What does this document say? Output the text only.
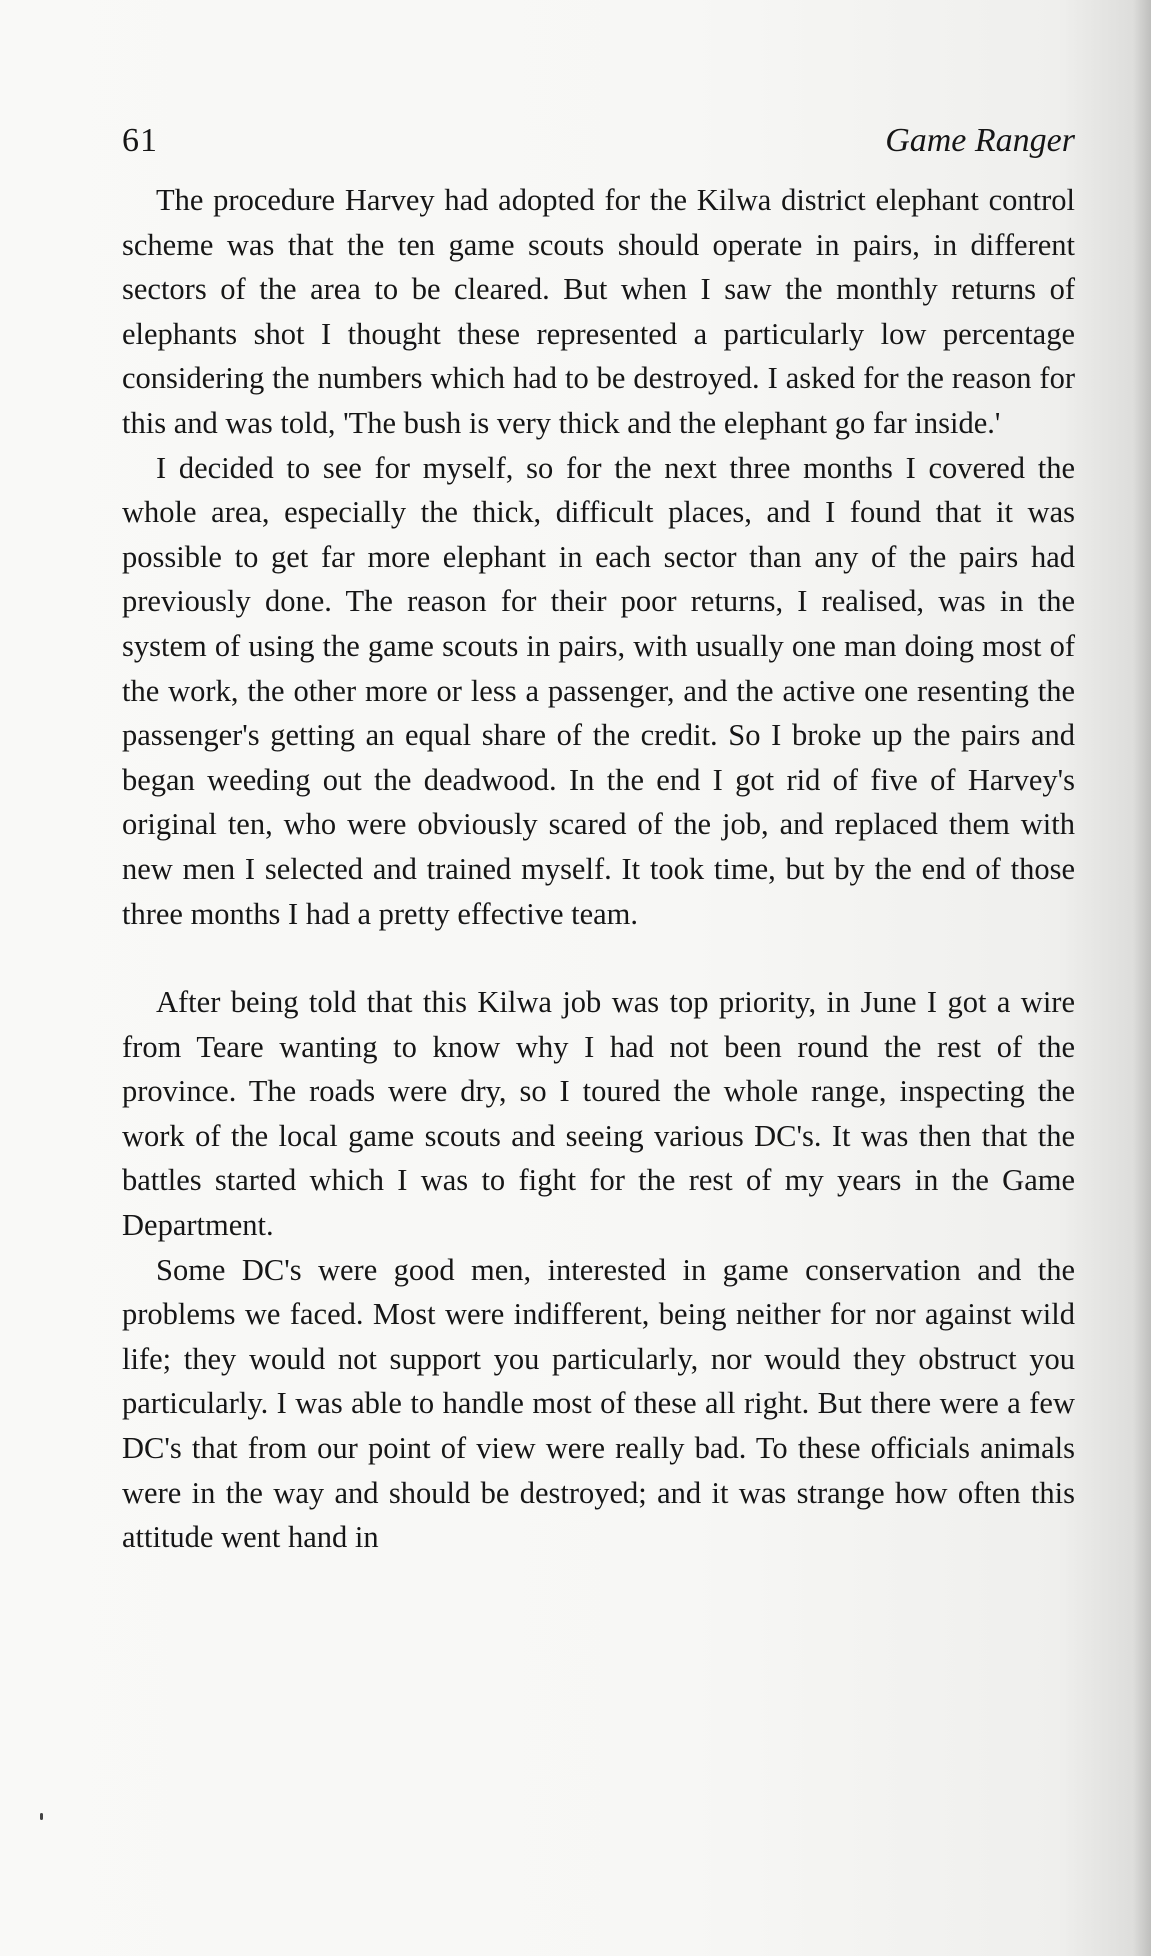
61	Game Ranger

The procedure Harvey had adopted for the Kilwa district elephant control scheme was that the ten game scouts should operate in pairs, in different sectors of the area to be cleared. But when I saw the monthly returns of elephants shot I thought these represented a particularly low percentage considering the numbers which had to be destroyed. I asked for the reason for this and was told, 'The bush is very thick and the elephant go far inside.'

I decided to see for myself, so for the next three months I covered the whole area, especially the thick, difficult places, and I found that it was possible to get far more elephant in each sector than any of the pairs had previously done. The reason for their poor returns, I realised, was in the system of using the game scouts in pairs, with usually one man doing most of the work, the other more or less a passenger, and the active one resenting the passenger's getting an equal share of the credit. So I broke up the pairs and began weeding out the deadwood. In the end I got rid of five of Harvey's original ten, who were obviously scared of the job, and replaced them with new men I selected and trained myself. It took time, but by the end of those three months I had a pretty effective team.

After being told that this Kilwa job was top priority, in June I got a wire from Teare wanting to know why I had not been round the rest of the province. The roads were dry, so I toured the whole range, inspecting the work of the local game scouts and seeing various DC's. It was then that the battles started which I was to fight for the rest of my years in the Game Department.

Some DC's were good men, interested in game conservation and the problems we faced. Most were indifferent, being neither for nor against wild life; they would not support you particularly, nor would they obstruct you particularly. I was able to handle most of these all right. But there were a few DC's that from our point of view were really bad. To these officials animals were in the way and should be destroyed; and it was strange how often this attitude went hand in
